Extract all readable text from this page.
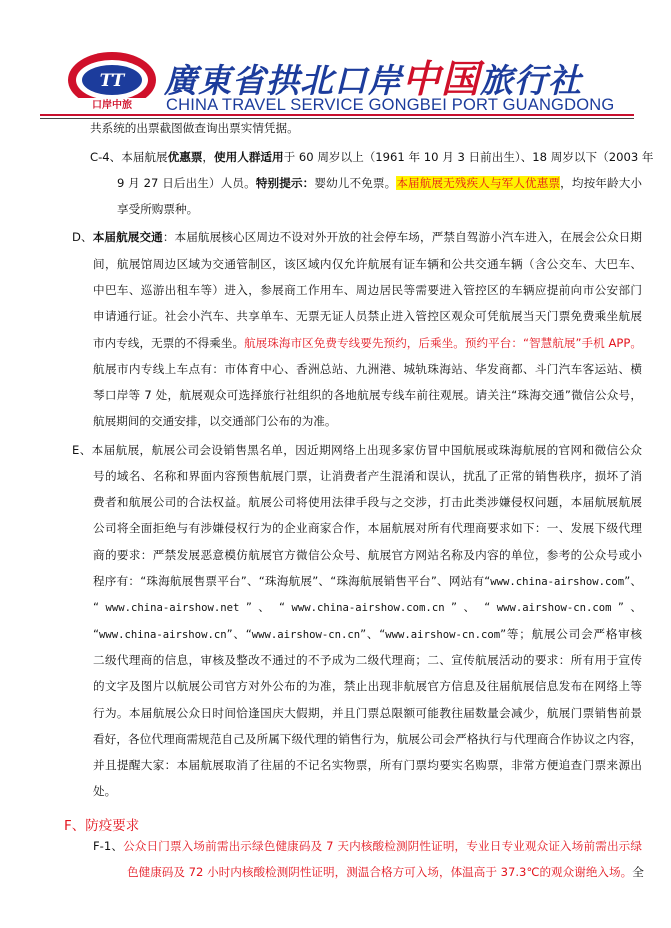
TT
口岸中旅
廣東省拱北口岸中国旅行社
CHINA TRAVEL SERVICE GONGBEI PORT GUANGDONG
共系统的出票截图做查询出票实情凭据。
C-4、本届航展优惠票，使用人群适用于 60 周岁以上（1961 年 10 月 3 日前出生）、18 周岁以下（2003 年
9 月 27 日后出生）人员。特别提示：婴幼儿不免票。本届航展无残疾人与军人优惠票，均按年龄大小
享受所购票种。
D、本届航展交通：本届航展核心区周边不设对外开放的社会停车场，严禁自驾游小汽车进入，在展会公众日期
间，航展馆周边区域为交通管制区，该区域内仅允许航展有证车辆和公共交通车辆（含公交车、大巴车、
中巴车、巡游出租车等）进入，参展商工作用车、周边居民等需要进入管控区的车辆应提前向市公安部门
申请通行证。社会小汽车、共享单车、无票无证人员禁止进入管控区观众可凭航展当天门票免费乘坐航展
市内专线，无票的不得乘坐。航展珠海市区免费专线要先预约，后乘坐。预约平台：“智慧航展”手机 APP。
航展市内专线上车点有：市体育中心、香洲总站、九洲港、城轨珠海站、华发商都、斗门汽车客运站、横
琴口岸等 7 处，航展观众可选择旅行社组织的各地航展专线车前往观展。请关注“珠海交通”微信公众号，
航展期间的交通安排，以交通部门公布的为准。
E、本届航展，航展公司会设销售黑名单，因近期网络上出现多家仿冒中国航展或珠海航展的官网和微信公众
号的域名、名称和界面内容预售航展门票，让消费者产生混淆和误认，扰乱了正常的销售秩序，损坏了消
费者和航展公司的合法权益。航展公司将使用法律手段与之交涉，打击此类涉嫌侵权问题，本届航展航展
公司将全面拒绝与有涉嫌侵权行为的企业商家合作，本届航展对所有代理商要求如下：一、发展下级代理
商的要求：严禁发展恶意模仿航展官方微信公众号、航展官方网站名称及内容的单位，参考的公众号或小
程序有：“珠海航展售票平台”、“珠海航展”、“珠海航展销售平台”、网站有“www.china-airshow.com”、
“ www.china-airshow.net ” 、 “ www.china-airshow.com.cn ” 、 “ www.airshow-cn.com ” 、
“www.china-airshow.cn”、“www.airshow-cn.cn”、“www.airshow-cn.com”等；航展公司会严格审核
二级代理商的信息，审核及整改不通过的不予成为二级代理商；二、宣传航展活动的要求：所有用于宣传
的文字及图片以航展公司官方对外公布的为准，禁止出现非航展官方信息及往届航展信息发布在网络上等
行为。本届航展公众日时间恰逢国庆大假期，并且门票总限额可能教往届数量会减少，航展门票销售前景
看好，各位代理商需规范自己及所属下级代理的销售行为，航展公司会严格执行与代理商合作协议之内容，
并且提醒大家：本届航展取消了往届的不记名实物票，所有门票均要实名购票，非常方便追查门票来源出
处。
F、防疫要求
F-1、公众日门票入场前需出示绿色健康码及 7 天内核酸检测阴性证明，专业日专业观众证入场前需出示绿
色健康码及 72 小时内核酸检测阴性证明，测温合格方可入场，体温高于 37.3℃的观众谢绝入场。全
